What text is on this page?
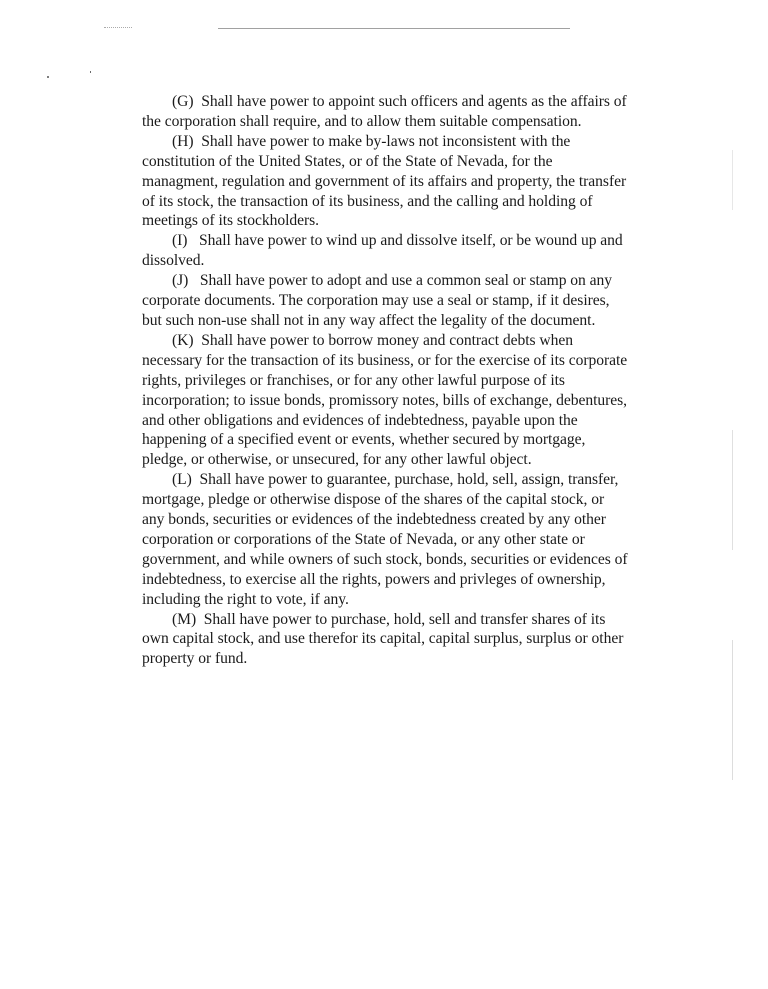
(G)  Shall have power to appoint such officers and agents as the affairs of the corporation shall require, and to allow them suitable compensation.

(H)  Shall have power to make by-laws not inconsistent with the constitution of the United States, or of the State of Nevada, for the managment, regulation and government of its affairs and property, the transfer of its stock, the transaction of its business, and the calling and holding of meetings of its stockholders.

(I)   Shall have power to wind up and dissolve itself, or be wound up and dissolved.

(J)   Shall have power to adopt and use a common seal or stamp on any corporate documents. The corporation may use a seal or stamp, if it desires, but such non-use shall not in any way affect the legality of the document.

(K)  Shall have power to borrow money and contract debts when necessary for the transaction of its business, or for the exercise of its corporate rights, privileges or franchises, or for any other lawful purpose of its incorporation; to issue bonds, promissory notes, bills of exchange, debentures, and other obligations and evidences of indebtedness, payable upon the happening of a specified event or events, whether secured by mortgage, pledge, or otherwise, or unsecured, for any other lawful object.

(L)  Shall have power to guarantee, purchase, hold, sell, assign, transfer, mortgage, pledge or otherwise dispose of the shares of the capital stock, or any bonds, securities or evidences of the indebtedness created by any other corporation or corporations of the State of Nevada, or any other state or government, and while owners of such stock, bonds, securities or evidences of indebtedness, to exercise all the rights, powers and privleges of ownership, including the right to vote, if any.

(M)  Shall have power to purchase, hold, sell and transfer shares of its own capital stock, and use therefor its capital, capital surplus, surplus or other property or fund.
